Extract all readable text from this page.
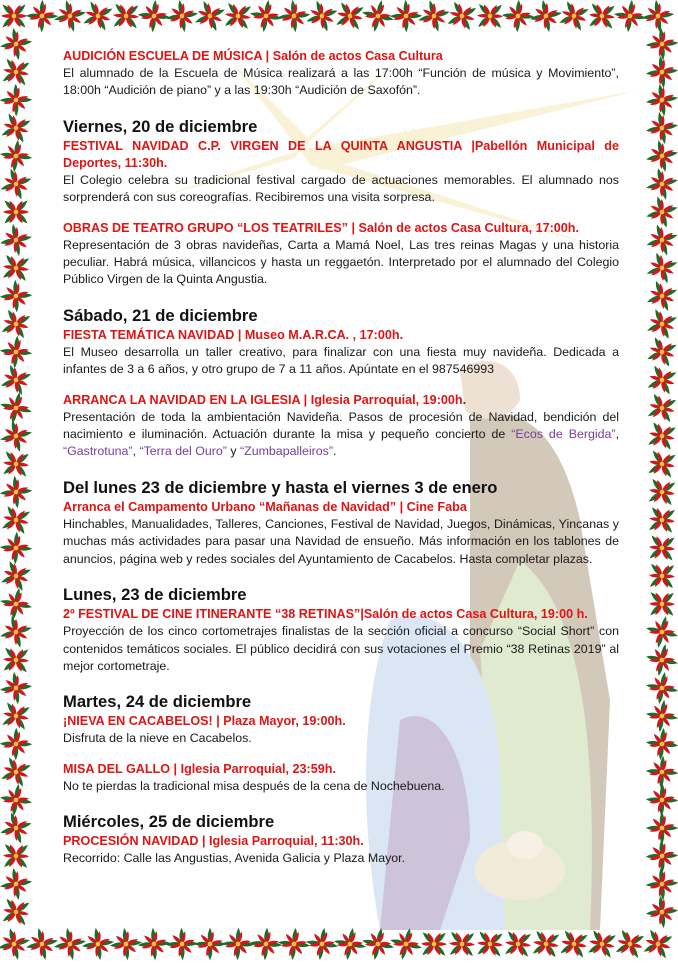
AUDICIÓN ESCUELA DE MÚSICA | Salón de actos Casa Cultura
El alumnado de la Escuela de Música realizará a las 17:00h “Función de música y Movimiento”, 18:00h “Audición de piano” y a las 19:30h “Audición de Saxofón”.
Viernes, 20 de diciembre
FESTIVAL NAVIDAD C.P. VIRGEN DE LA QUINTA ANGUSTIA |Pabellón Municipal de Deportes, 11:30h.
El Colegio celebra su tradicional festival cargado de actuaciones memorables. El alumnado nos sorprenderá con sus coreografías. Recibiremos una visita sorpresa.
OBRAS DE TEATRO GRUPO “LOS TEATRILES” | Salón de actos Casa Cultura, 17:00h.
Representación de 3 obras navideñas, Carta a Mamá Noel, Las tres reinas Magas y una historia peculiar. Habrá música, villancicos y hasta un reggaetón. Interpretado por el alumnado del Colegio Público Virgen de la Quinta Angustia.
Sábado, 21 de diciembre
FIESTA TEMÁTICA NAVIDAD | Museo M.A.R.CA. , 17:00h.
El Museo desarrolla un taller creativo, para finalizar con una fiesta muy navideña. Dedicada a infantes de 3 a 6 años, y otro grupo de 7 a 11 años. Apúntate en el 987546993
ARRANCA LA NAVIDAD EN LA IGLESIA | Iglesia Parroquial, 19:00h.
Presentación de toda la ambientación Navideña. Pasos de procesión de Navidad, bendición del nacimiento e iluminación. Actuación durante la misa y pequeño concierto de “Ecos de Bergida”, “Gastrotuna”, “Terra del Ouro” y “Zumbapalleiros”.
Del lunes 23 de diciembre y hasta el viernes 3 de enero
Arranca el Campamento Urbano “Mañanas de Navidad” | Cine Faba
Hinchables, Manualidades, Talleres, Canciones, Festival de Navidad, Juegos, Dinámicas, Yincanas y muchas más actividades para pasar una Navidad de ensueño. Más información en los tablones de anuncios, página web y redes sociales del Ayuntamiento de Cacabelos. Hasta completar plazas.
Lunes, 23 de diciembre
2º FESTIVAL DE CINE ITINERANTE “38 RETINAS”|Salón de actos Casa Cultura, 19:00 h.
Proyección de los cinco cortometrajes finalistas de la sección oficial a concurso “Social Short” con contenidos temáticos sociales. El público decidirá con sus votaciones el Premio “38 Retinas 2019” al mejor cortometraje.
Martes, 24 de diciembre
¡NIEVA EN CACABELOS! | Plaza Mayor, 19:00h.
Disfruta de la nieve en Cacabelos.
MISA DEL GALLO | Iglesia Parroquial, 23:59h.
No te pierdas la tradicional misa después de la cena de Nochebuena.
Miércoles, 25 de diciembre
PROCESIÓN NAVIDAD | Iglesia Parroquial, 11:30h.
Recorrido: Calle las Angustias, Avenida Galicia y Plaza Mayor.
